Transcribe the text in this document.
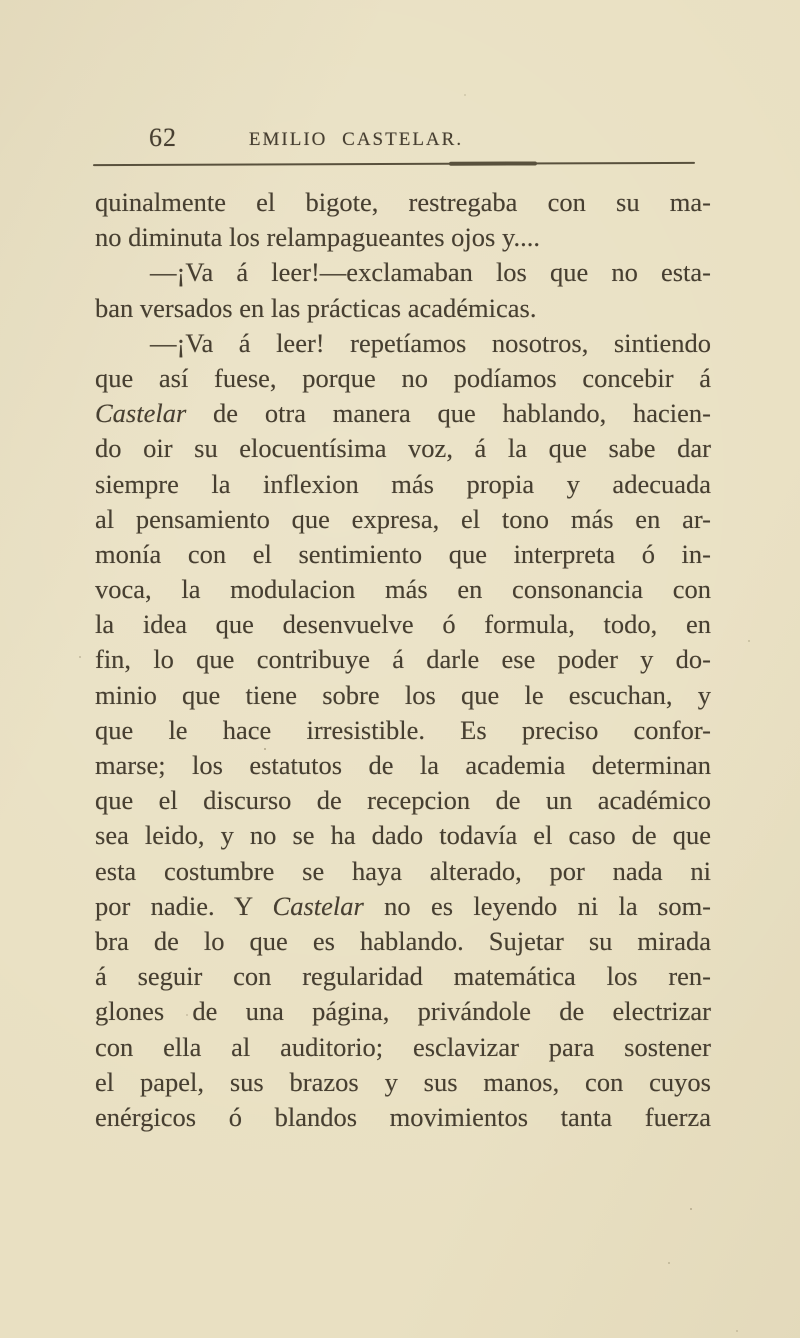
62	EMILIO CASTELAR.
quinalmente el bigote, restregaba con su ma-
no diminuta los relampagueantes ojos y....
—¡Va á leer!—exclamaban los que no esta-
ban versados en las prácticas académicas.
—¡Va á leer! repetíamos nosotros, sintiendo
que así fuese, porque no podíamos concebir á
Castelar de otra manera que hablando, hacien-
do oir su elocuentísima voz, á la que sabe dar
siempre la inflexion más propia y adecuada
al pensamiento que expresa, el tono más en ar-
monía con el sentimiento que interpreta ó in-
voca, la modulacion más en consonancia con
la idea que desenvuelve ó formula, todo, en
fin, lo que contribuye á darle ese poder y do-
minio que tiene sobre los que le escuchan, y
que le hace irresistible. Es preciso confor-
marse; los estatutos de la academia determinan
que el discurso de recepcion de un académico
sea leido, y no se ha dado todavía el caso de que
esta costumbre se haya alterado, por nada ni
por nadie. Y Castelar no es leyendo ni la som-
bra de lo que es hablando. Sujetar su mirada
á seguir con regularidad matemática los ren-
glones de una página, privándole de electrizar
con ella al auditorio; esclavizar para sostener
el papel, sus brazos y sus manos, con cuyos
enérgicos ó blandos movimientos tanta fuerza
